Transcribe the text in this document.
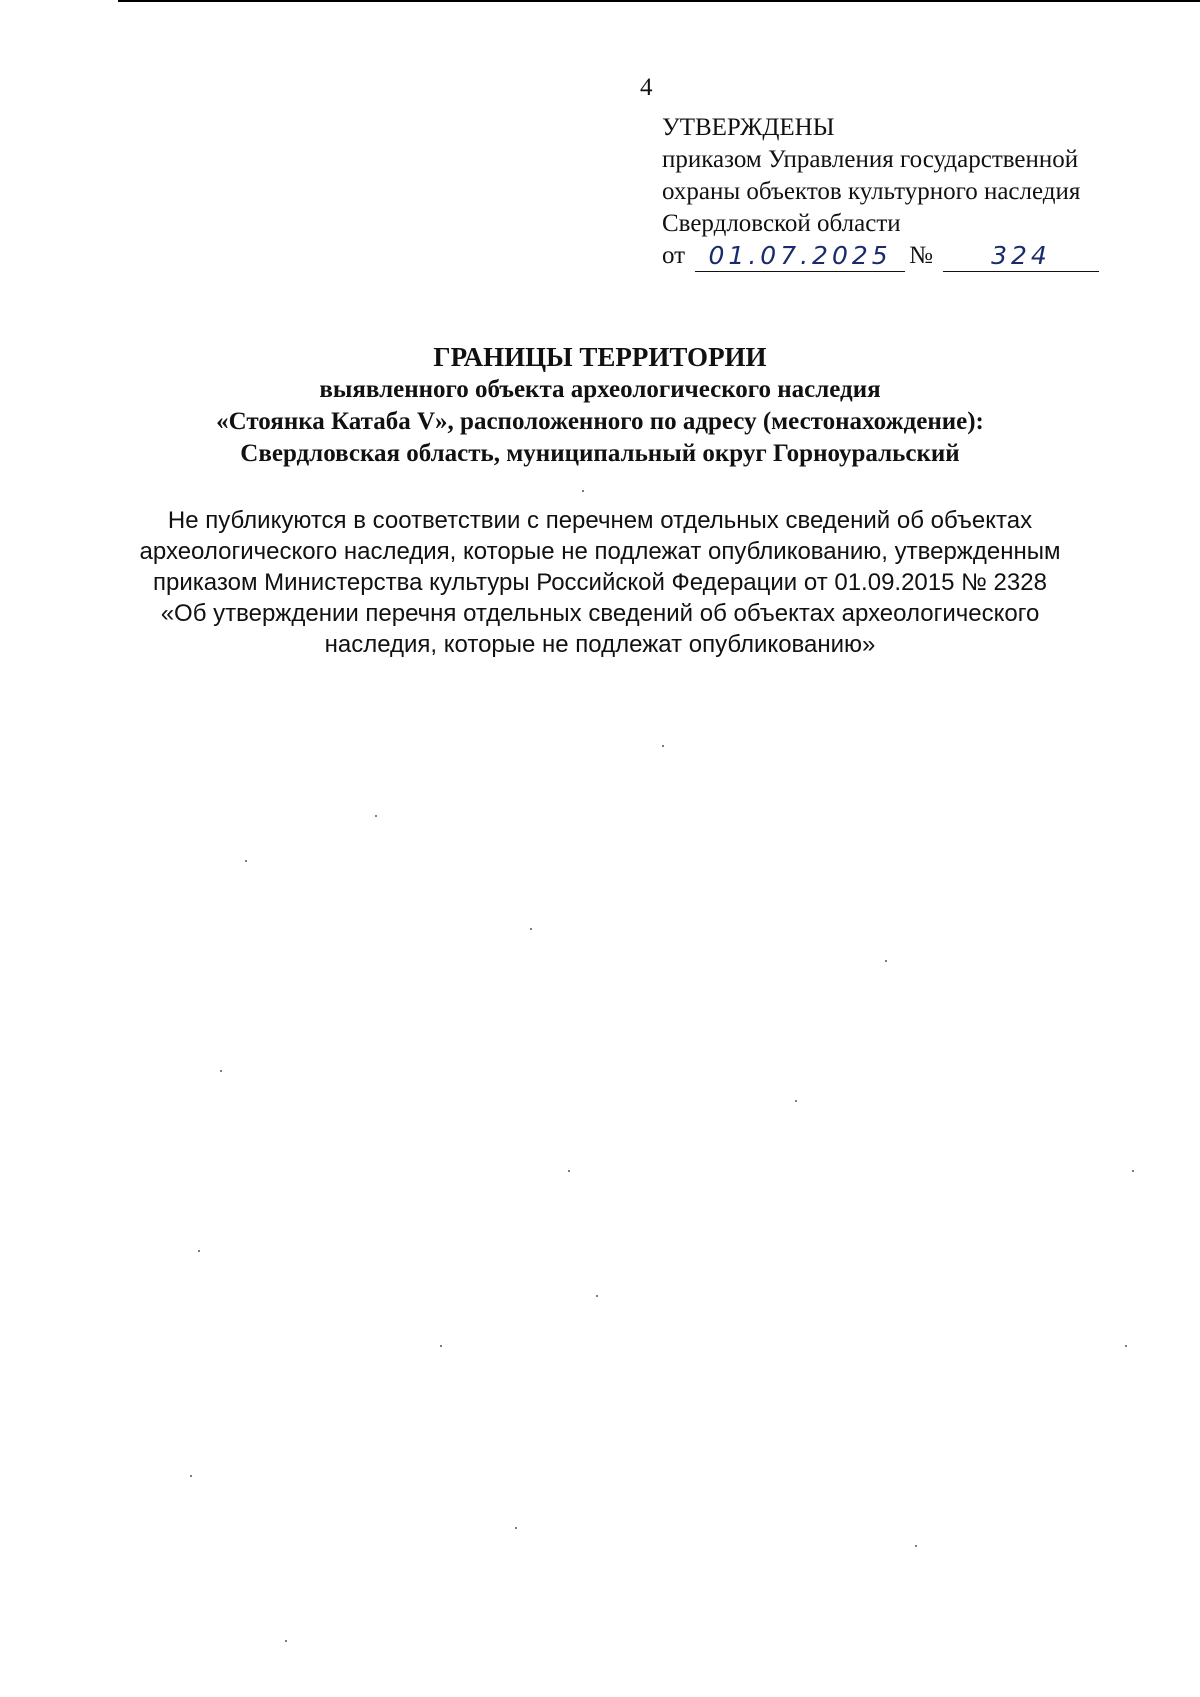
4
УТВЕРЖДЕНЫ
приказом Управления государственной
охраны объектов культурного наследия
Свердловской области
от 01.07.2025 №	324
ГРАНИЦЫ ТЕРРИТОРИИ
выявленного объекта археологического наследия
«Стоянка Катаба V», расположенного по адресу (местонахождение):
Свердловская область, муниципальный округ Горноуральский
Не публикуются в соответствии с перечнем отдельных сведений об объектах
археологического наследия, которые не подлежат опубликованию, утвержденным
приказом Министерства культуры Российской Федерации от 01.09.2015 № 2328
«Об утверждении перечня отдельных сведений об объектах археологического
наследия, которые не подлежат опубликованию»
